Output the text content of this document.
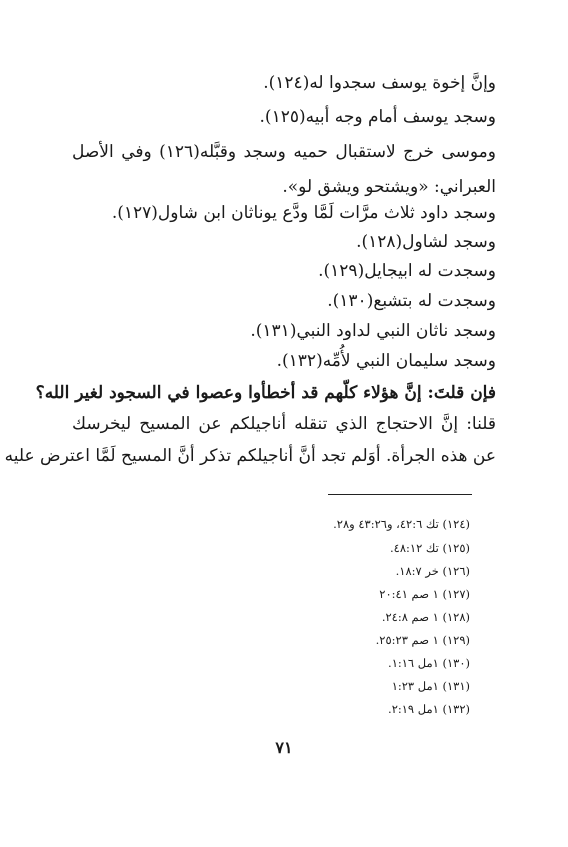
وإنَّ إخوة يوسف سجدوا له(١٢٤).
وسجد يوسف أمام وجه أبيه(١٢٥).
وموسى خرج لاستقبال حميه وسجد وقبَّله(١٢٦) وفي الأصل
العبراني: «ويشتحو ويشق لو».
وسجد داود ثلاث مرَّات لَمَّا ودَّع يوناثان ابن شاول(١٢٧).
وسجد لشاول(١٢٨).
وسجدت له ابيجايل(١٢٩).
وسجدت له بتشبع(١٣٠).
وسجد ناثان النبي لداود النبي(١٣١).
وسجد سليمان النبي لأُمِّه(١٣٢).
فإن قلتَ: إنَّ هؤلاء كلّهم قد أخطأوا وعصوا في السجود لغير الله؟
قلنا: إنَّ الاحتجاج الذي تنقله أناجيلكم عن المسيح ليخرسك
عن هذه الجرأة. أوَلم تجد أنَّ أناجيلكم تذكر أنَّ المسيح لَمَّا اعترض عليه
(١٢٤) تك ٤٢:٦، و٤٣:٢٦ و٢٨.
(١٢٥) تك ٤٨:١٢.
(١٢٦) خر ١٨:٧.
(١٢٧) ١ صم ٢٠:٤١
(١٢٨) ١ صم ٢٤:٨.
(١٢٩) ١ صم ٢٥:٢٣.
(١٣٠) ١مل ١:١٦.
(١٣١) ١مل ١:٢٣
(١٣٢) ١مل ٢:١٩.
٧١
